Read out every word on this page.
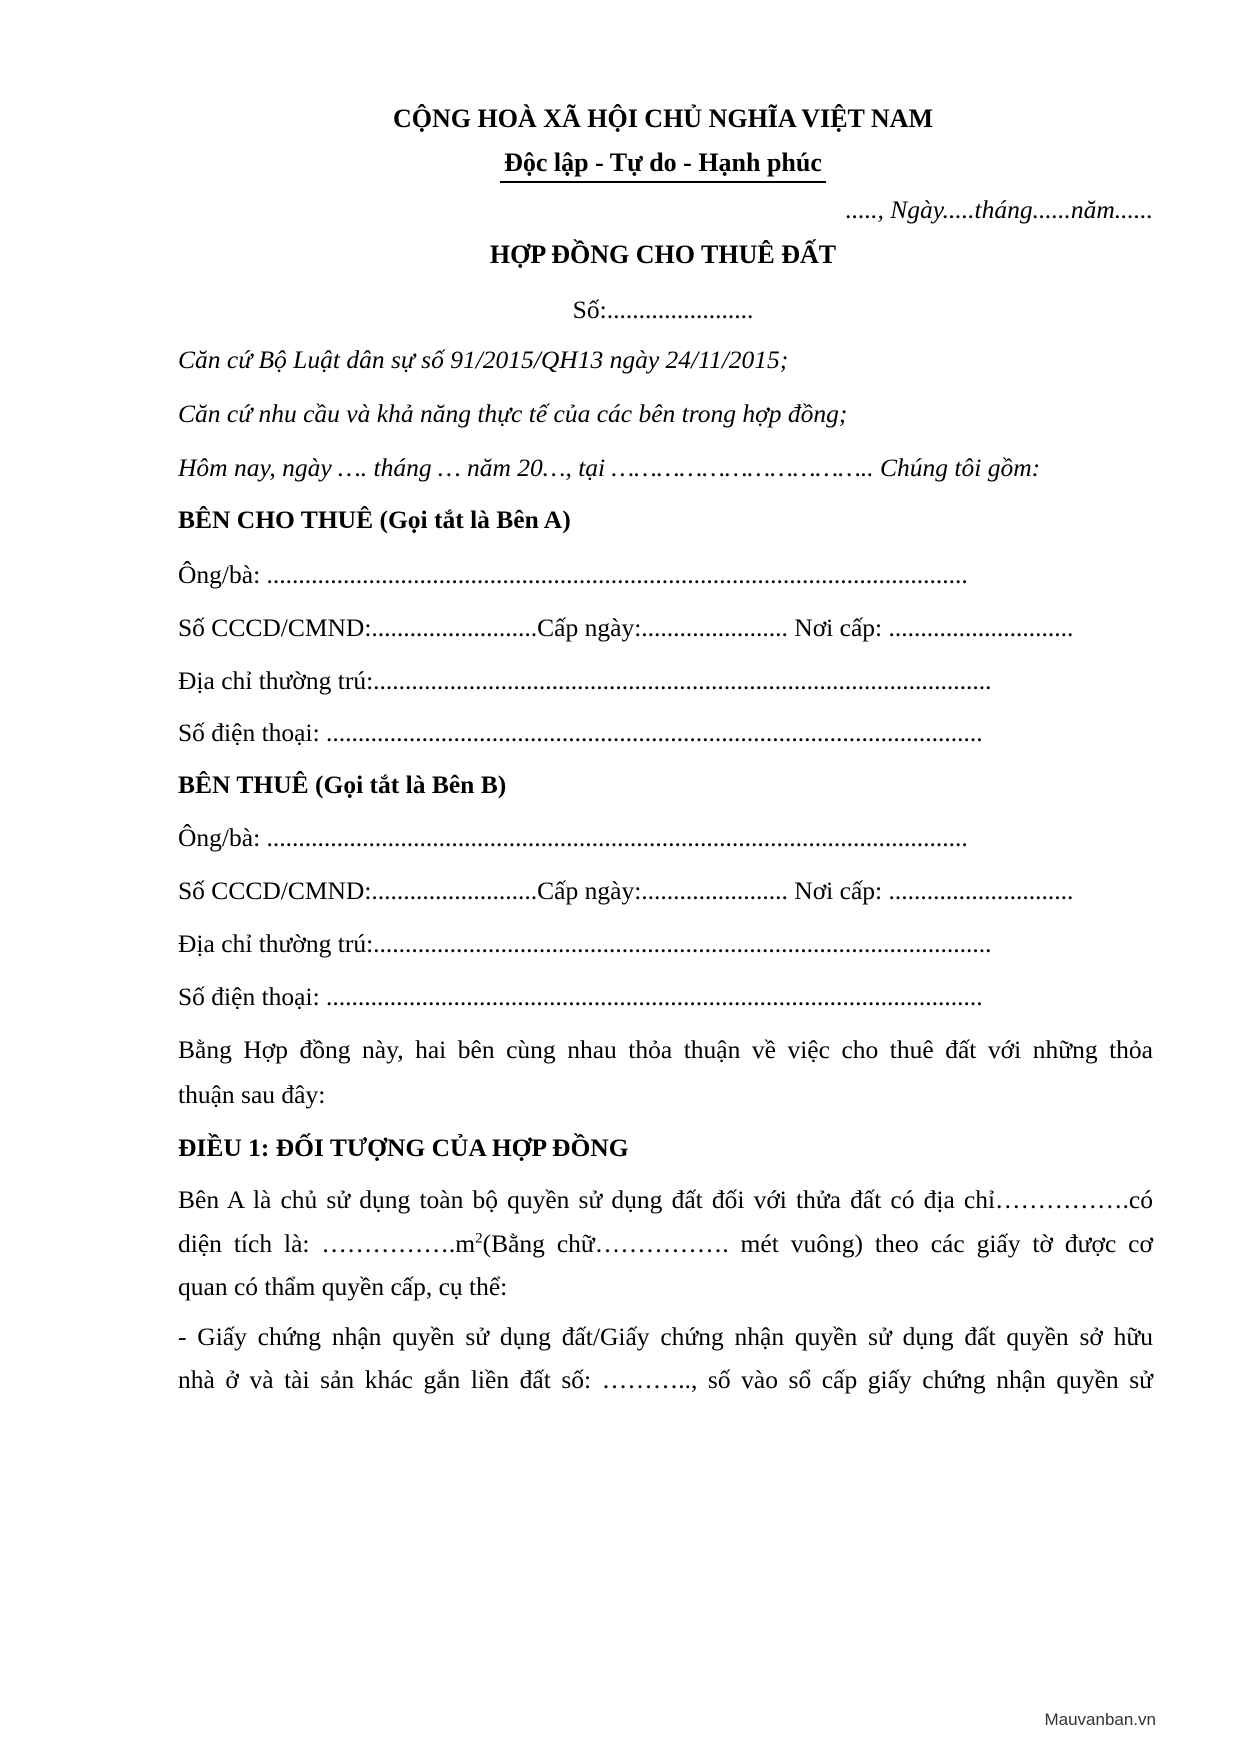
CỘNG HOÀ XÃ HỘI CHỦ NGHĨA VIỆT NAM
Độc lập - Tự do - Hạnh phúc
....., Ngày.....tháng......năm......
HỢP ĐỒNG CHO THUÊ ĐẤT
Số:.......................
Căn cứ Bộ Luật dân sự số 91/2015/QH13 ngày 24/11/2015;
Căn cứ nhu cầu và khả năng thực tế của các bên trong hợp đồng;
Hôm nay, ngày …. tháng … năm 20…, tại …………………………….. Chúng tôi gồm:
BÊN CHO THUÊ (Gọi tắt là Bên A)
Ông/bà: ..............................................................................................................
Số CCCD/CMND:..........................Cấp ngày:....................... Nơi cấp: .............................
Địa chỉ thường trú:.................................................................................................
Số điện thoại: .......................................................................................................
BÊN THUÊ (Gọi tắt là Bên B)
Ông/bà: ..............................................................................................................
Số CCCD/CMND:..........................Cấp ngày:....................... Nơi cấp: .............................
Địa chỉ thường trú:.................................................................................................
Số điện thoại: .......................................................................................................
Bằng Hợp đồng này, hai bên cùng nhau thỏa thuận về việc cho thuê đất với những thỏa
thuận sau đây:
ĐIỀU 1: ĐỐI TƯỢNG CỦA HỢP ĐỒNG
Bên A là chủ sử dụng toàn bộ quyền sử dụng đất đối với thửa đất có địa chỉ…………….có
diện tích là: $\dots\dots\dots\dots\dots.m^2(Bằng$ chữ……………. mét vuông) theo các giấy tờ được cơ
quan có thẩm quyền cấp, cụ thể:
- Giấy chứng nhận quyền sử dụng đất/Giấy chứng nhận quyền sử dụng đất quyền sở hữu
nhà ở và tài sản khác gắn liền đất số: ……….., số vào sổ cấp giấy chứng nhận quyền sử
Mauvanban.vn
